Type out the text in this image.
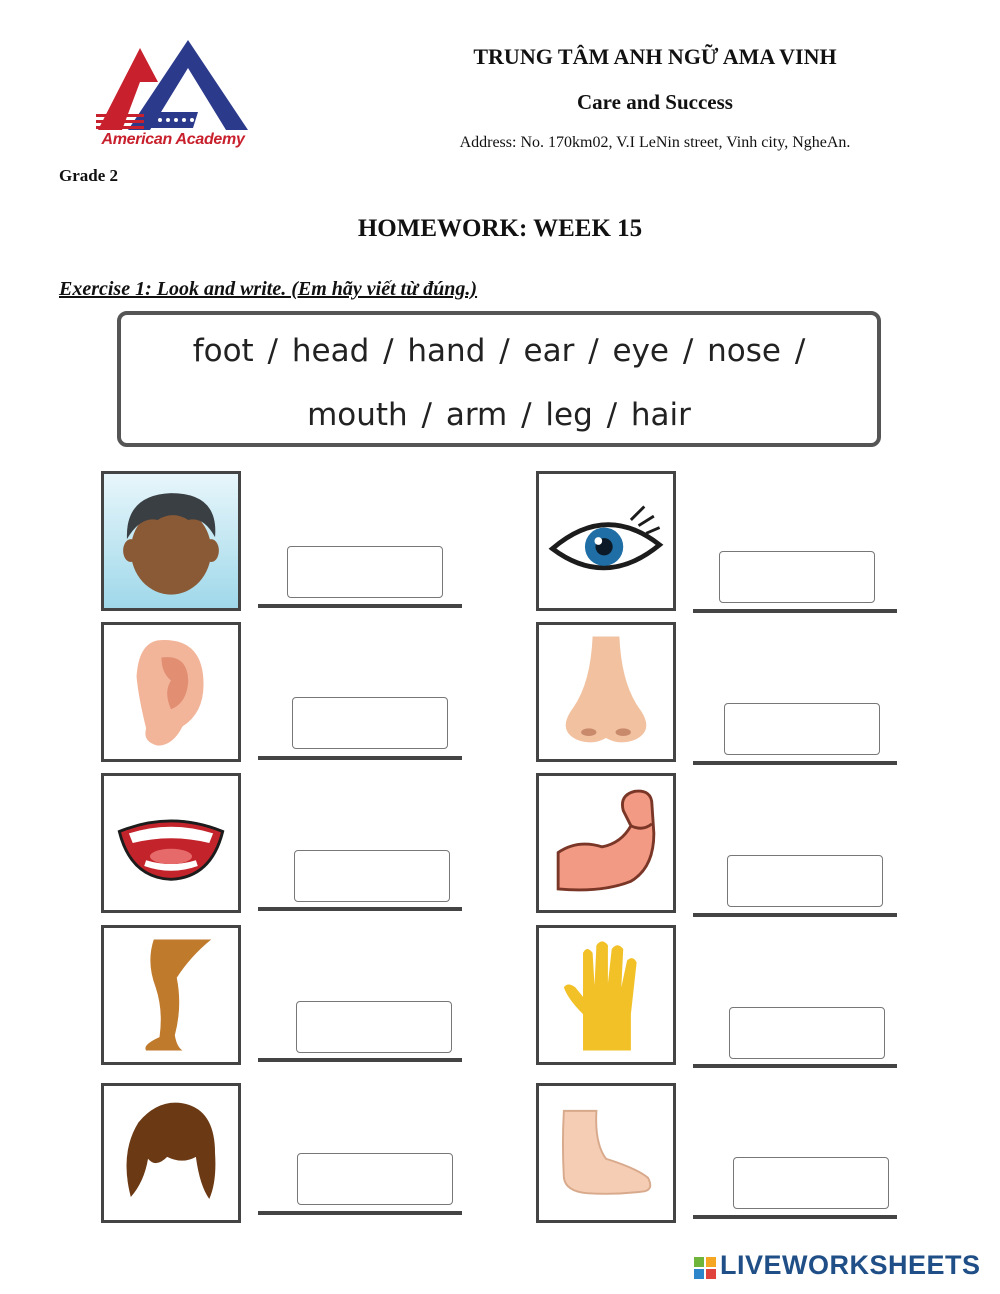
American Academy
TRUNG TÂM ANH NGỮ AMA VINH
Care and Success
Address: No. 170km02, V.I LeNin street, Vinh city, NgheAn.
Grade 2
HOMEWORK: WEEK 15
Exercise 1: Look and write. (Em hãy viết từ đúng.)
foot / head / hand / ear / eye / nose /
mouth / arm / leg / hair
LIVEWORKSHEETS
